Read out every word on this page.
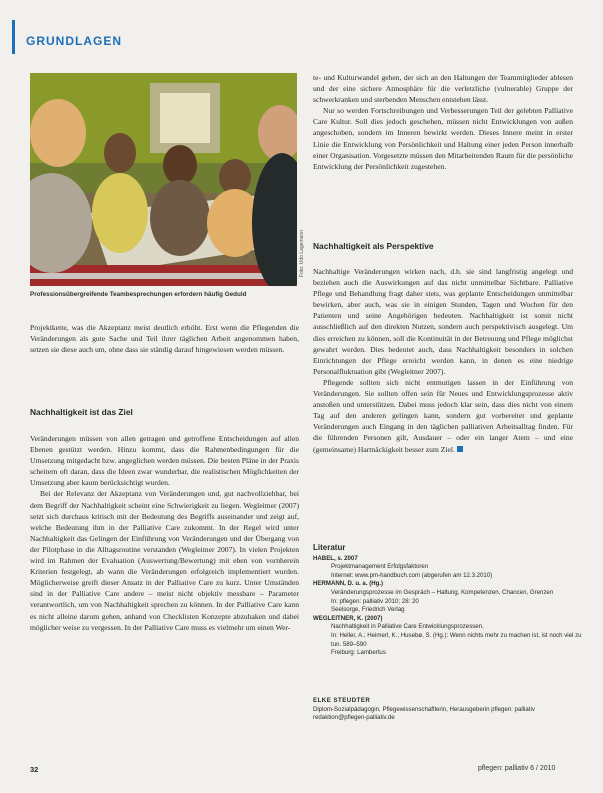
GRUNDLAGEN
Foto: Udo Lagemann
Professionsübergreifende Teambesprechungen erfordern häufig Geduld

Projektkette, was die Akzeptanz meist deutlich erhöht. Erst wenn die Pflegenden die Veränderungen als gute Sache und Teil ihrer täglichen Arbeit angenommen haben, setzen sie diese auch um, ohne dass sie ständig darauf hingewiesen werden müssen.

Nachhaltigkeit ist das Ziel

Veränderungen müssen von allen getragen und getroffene Entscheidungen auf allen Ebenen gestützt werden. Hinzu kommt, dass die Rahmenbedingungen für die Umsetzung mitgedacht bzw. angeglichen werden müssen. Die besten Pläne in der Praxis scheitern oft daran, dass die Ideen zwar wunderbar, die realistischen Möglichkeiten der Umsetzung aber kaum berücksichtigt wurden.

Bei der Relevanz der Akzeptanz von Veränderungen und, gut nachvollziehbar, bei dem Begriff der Nachhaltigkeit scheint eine Schwierigkeit zu liegen. Wegleitner (2007) setzt sich durchaus kritisch mit der Bedeutung des Begriffs auseinander und zeigt auf, welche Bedeutung ihm in der Palliative Care zukommt. In der Regel wird unter Nachhaltigkeit das Gelingen der Einführung von Veränderungen und der Übergang von der Pilotphase in die Alltagsroutine verstanden (Wegleitner 2007). In vielen Projekten wird im Rahmen der Evaluation (Auswertung/Bewertung) mit eben von vornherein Kriterien festgelegt, ab wann die Veränderungen erfolgreich implementiert wurden. Möglicherweise greift dieser Ansatz in der Palliative Care zu kurz. Unter Umständen sind in der Palliative Care andere – meist nicht objektiv messbare – Parameter verantwortlich, um von Nachhaltigkeit sprechen zu können. In der Palliative Care kann es nicht alleine darum gehen, anhand von Checklisten Konzepte abzuhaken und dabei möglicher weise zu vergessen. In der Palliative Care muss es vielmehr um einen Wer-

te- und Kulturwandel gehen, der sich an den Haltungen der Teammitglieder ablesen und der eine sichere Atmosphäre für die verletzliche (vulnerable) Gruppe der schwerkranken und sterbenden Menschen entstehen lässt.

Nur so werden Fortschreibungen und Verbesserungen Teil der gelebten Palliative Care Kultur. Soll dies jedoch geschehen, müssen nicht Entwicklungen von außen angeschoben, sondern im Inneren bewirkt werden. Dieses Innere meint in erster Linie die Entwicklung von Persönlichkeit und Haltung einer jeden Person innerhalb einer Organisation. Vorgesetzte müssen den Mitarbeitenden Raum für die persönliche Entwicklung der Persönlichkeit zugestehen.

Nachhaltigkeit als Perspektive

Nachhaltige Veränderungen wirken nach, d.h. sie sind langfristig angelegt und beziehen auch die Auswirkungen auf das nicht unmittelbar Sichtbare. Palliative Pflege und Behandlung fragt daher stets, was geplante Entscheidungen unmittelbar bewirken, aber auch, was sie in einigen Stunden, Tagen und Wochen für den Patienten und seine Angehörigen bedeuten. Nachhaltigkeit ist somit nicht ausschließlich auf den direkten Nutzen, sondern auch perspektivisch ausgelegt. Um dies erreichen zu können, soll die Kontinuität in der Betreuung und Pflege möglichst gewahrt werden. Dies bedeutet auch, dass Nachhaltigkeit besonders in solchen Einrichtungen der Pflege erreicht werden kann, in denen es eine niedrige Personalfluktuation gibt (Wegleitner 2007).

Pflegende sollten sich nicht entmutigen lassen in der Einführung von Veränderungen. Sie sollten offen sein für Neues und Entwicklungsprozesse aktiv anstoßen und unterstützen. Dabei muss jedoch klar sein, dass dies nicht von einem Tag auf den anderen gelingen kann, sondern gut vorbereitet und geplante Veränderungen auch Eingang in den täglichen palliativen Arbeitsalltag finden. Für die führenden Personen gilt, Ausdauer – oder ein langer Atem – und eine (gemeinsame) Hartnäckigkeit besser zum Ziel.

Literatur
HABEL, s. 2007
Projektmanagement Erfolgsfaktoren
Internet: www.pm-handbuch.com (abgerufen am 12.3.2010)
HERMANN, D. u. a. (Hg.)
Veränderungsprozesse im Gespräch – Haltung, Kompetenzen, Chancen, Grenzen
In: pflegen: palliativ 2010; 28: 20
Seelsorge, Friedrich Verlag
WEGLEITNER, K. (2007)
Nachhaltigkeit in Palliative Care Entwicklungsprozessen.
In: Heller, A.; Heimerl, K.; Husebø, S. (Hg.): Wenn nichts mehr zu machen ist, ist noch viel zu tun. 589–590
Freiburg: Lambertus
ELKE STEUDTER
Diplom-Sozialpädagogin, Pflegewissenschaftlerin, Herausgeberin pflegen: palliativ
redaktion@pflegen-palliativ.de
32	pflegen: palliativ 6 / 2010
